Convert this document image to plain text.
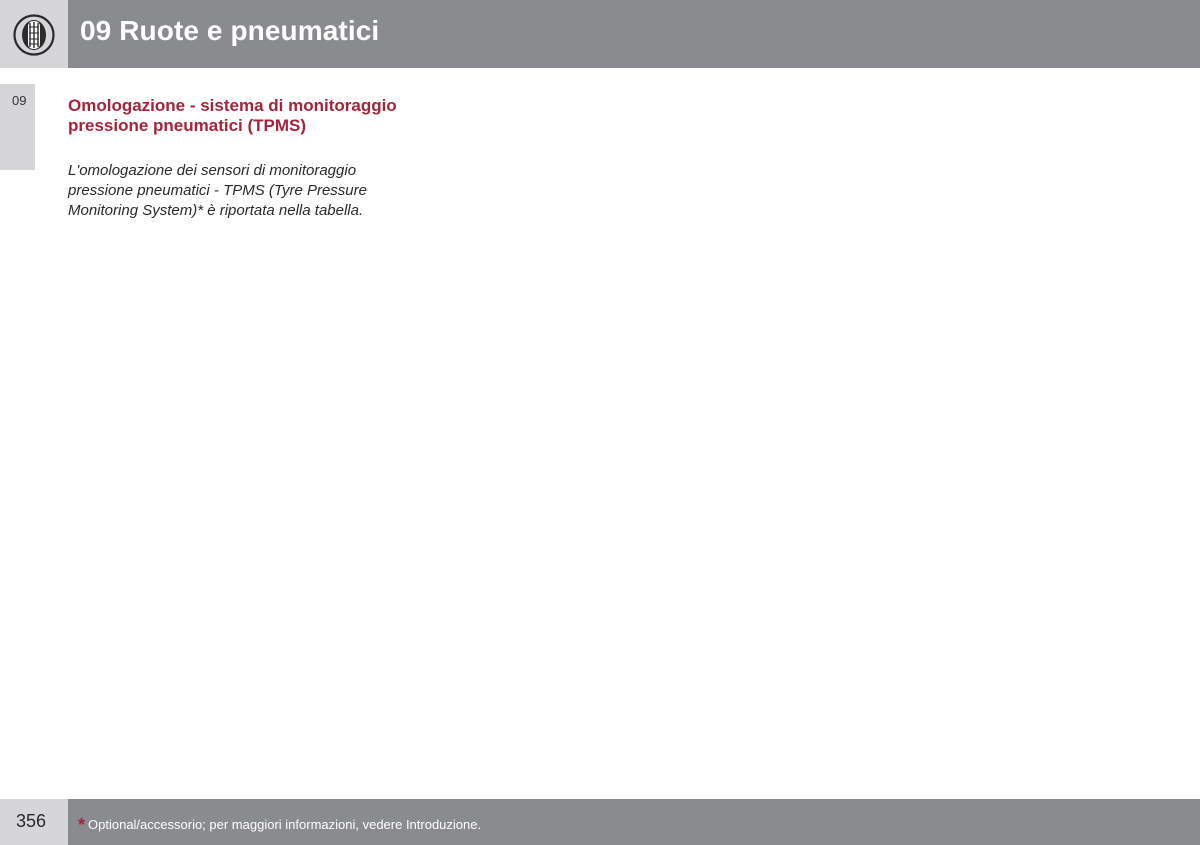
09 Ruote e pneumatici
09 Omologazione - sistema di monitoraggio pressione pneumatici (TPMS)
L'omologazione dei sensori di monitoraggio pressione pneumatici - TPMS (Tyre Pressure Monitoring System)* è riportata nella tabella.
356 * Optional/accessorio; per maggiori informazioni, vedere Introduzione.
